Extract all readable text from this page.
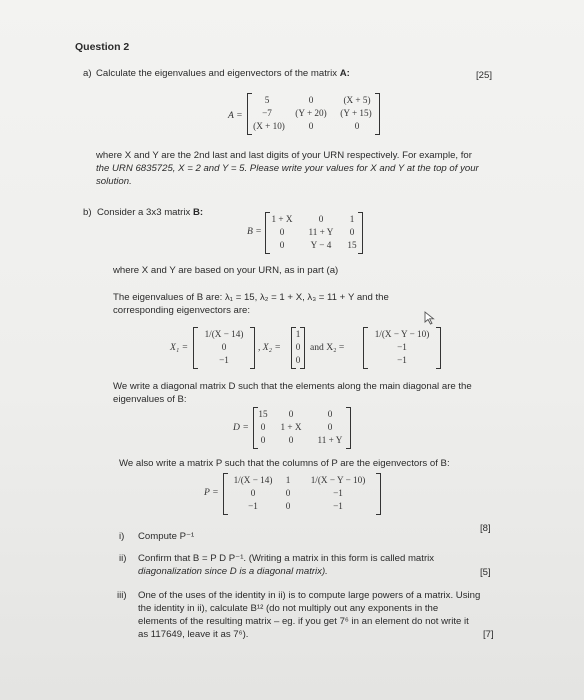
Question 2
a) Calculate the eigenvalues and eigenvectors of the matrix A:	[25]
A =
5	0	(X + 5)
−7	(Y + 20)	(Y + 15)
(X + 10)	0	0
where X and Y are the 2nd last and last digits of your URN respectively. For example, for
the URN 6835725, X = 2 and Y = 5. Please write your values for X and Y at the top of your
solution.
b) Consider a 3x3 matrix B:
B =
1 + X	0	1
0	11 + Y	0
0	Y − 4	15
where X and Y are based on your URN, as in part (a)
The eigenvalues of B are: λ₁ = 15, λ₂ = 1 + X, λ₃ = 11 + Y and the
corresponding eigenvectors are:
X₁ =
1/(X − 14)
0
−1
, X₂ =
1
0
0
and X₂ =
1/(X − Y − 10)
−1
−1
We write a diagonal matrix D such that the elements along the main diagonal are the
eigenvalues of B:
D =
15	0	0
0	1 + X	0
0	0	11 + Y
We also write a matrix P such that the columns of P are the eigenvectors of B:
P =
1/(X − 14)	1	1/(X − Y − 10)
0	0	−1
−1	0	−1
i) Compute P⁻¹
[8]
ii) Confirm that B = P D P⁻¹. (Writing a matrix in this form is called matrix
diagonalization since D is a diagonal matrix).	[5]
iii) One of the uses of the identity in ii) is to compute large powers of a matrix. Using
the identity in ii), calculate B¹² (do not multiply out any exponents in the
elements of the resulting matrix – eg. if you get 7⁶ in an element do not write it
as 117649, leave it as 7⁶).	[7]
